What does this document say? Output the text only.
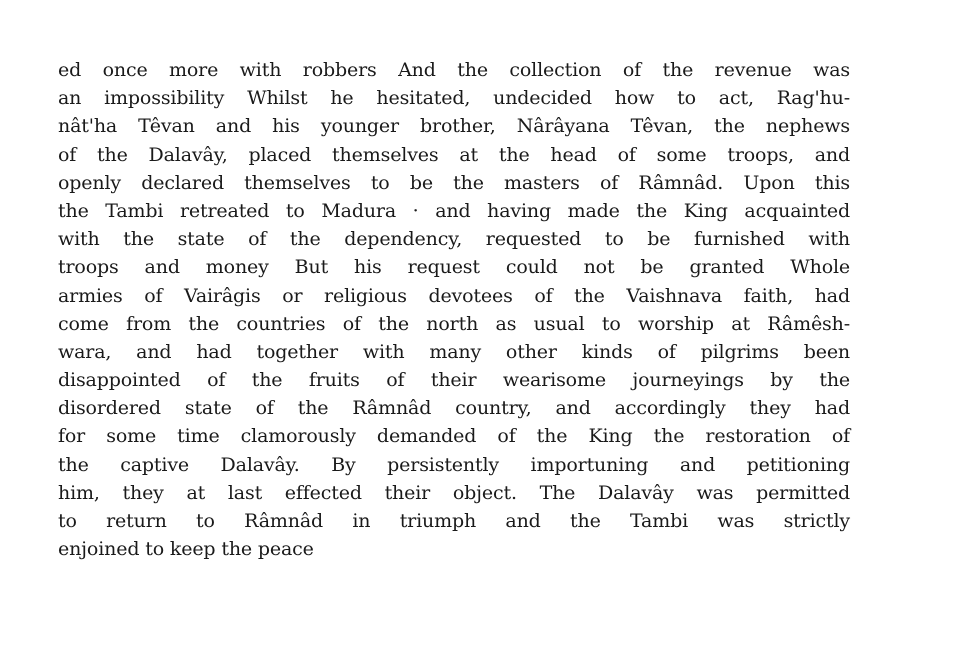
ed once more with robbers And the collection of the revenue was
an impossibility Whilst he hesitated, undecided how to act, Rag'hu-
nât'ha Têvan and his younger brother, Nârâyana Têvan, the nephews
of the Dalavây, placed themselves at the head of some troops, and
openly declared themselves to be the masters of Râmnâd. Upon this
the Tambi retreated to Madura · and having made the King acquainted
with the state of the dependency, requested to be furnished with
troops and money But his request could not be granted Whole
armies of Vairâgis or religious devotees of the Vaishnava faith, had
come from the countries of the north as usual to worship at Râmêsh-
wara, and had together with many other kinds of pilgrims been
disappointed of the fruits of their wearisome journeyings by the
disordered state of the Râmnâd country, and accordingly they had
for some time clamorously demanded of the King the restoration of
the captive Dalavây. By persistently importuning and petitioning
him, they at last effected their object. The Dalavây was permitted
to return to Râmnâd in triumph and the Tambi was strictly
enjoined to keep the peace
